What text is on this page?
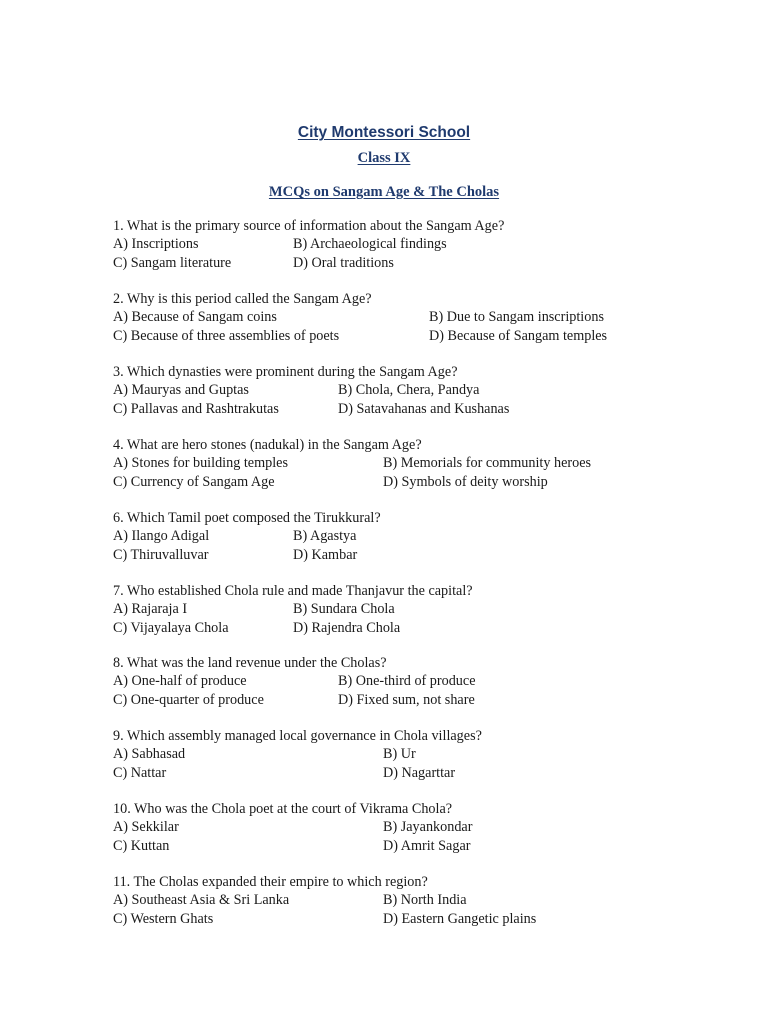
City Montessori School
Class IX
MCQs on Sangam Age & The Cholas
1. What is the primary source of information about the Sangam Age?
A) Inscriptions	B) Archaeological findings
C) Sangam literature	D) Oral traditions
2. Why is this period called the Sangam Age?
A) Because of Sangam coins	B) Due to Sangam inscriptions
C) Because of three assemblies of poets	D) Because of Sangam temples
3. Which dynasties were prominent during the Sangam Age?
A) Mauryas and Guptas	B) Chola, Chera, Pandya
C) Pallavas and Rashtrakutas	D) Satavahanas and Kushanas
4. What are hero stones (nadukal) in the Sangam Age?
A) Stones for building temples	B) Memorials for community heroes
C) Currency of Sangam Age	D) Symbols of deity worship
6. Which Tamil poet composed the Tirukkural?
A) Ilango Adigal	B) Agastya
C) Thiruvalluvar	D) Kambar
7. Who established Chola rule and made Thanjavur the capital?
A) Rajaraja I	B) Sundara Chola
C) Vijayalaya Chola	D) Rajendra Chola
8. What was the land revenue under the Cholas?
A) One-half of produce	B) One-third of produce
C) One-quarter of produce	D) Fixed sum, not share
9. Which assembly managed local governance in Chola villages?
A) Sabhasad	B) Ur
C) Nattar	D) Nagarttar
10. Who was the Chola poet at the court of Vikrama Chola?
A) Sekkilar	B) Jayankondar
C) Kuttan	D) Amrit Sagar
11. The Cholas expanded their empire to which region?
A) Southeast Asia & Sri Lanka	B) North India
C) Western Ghats	D) Eastern Gangetic plains
